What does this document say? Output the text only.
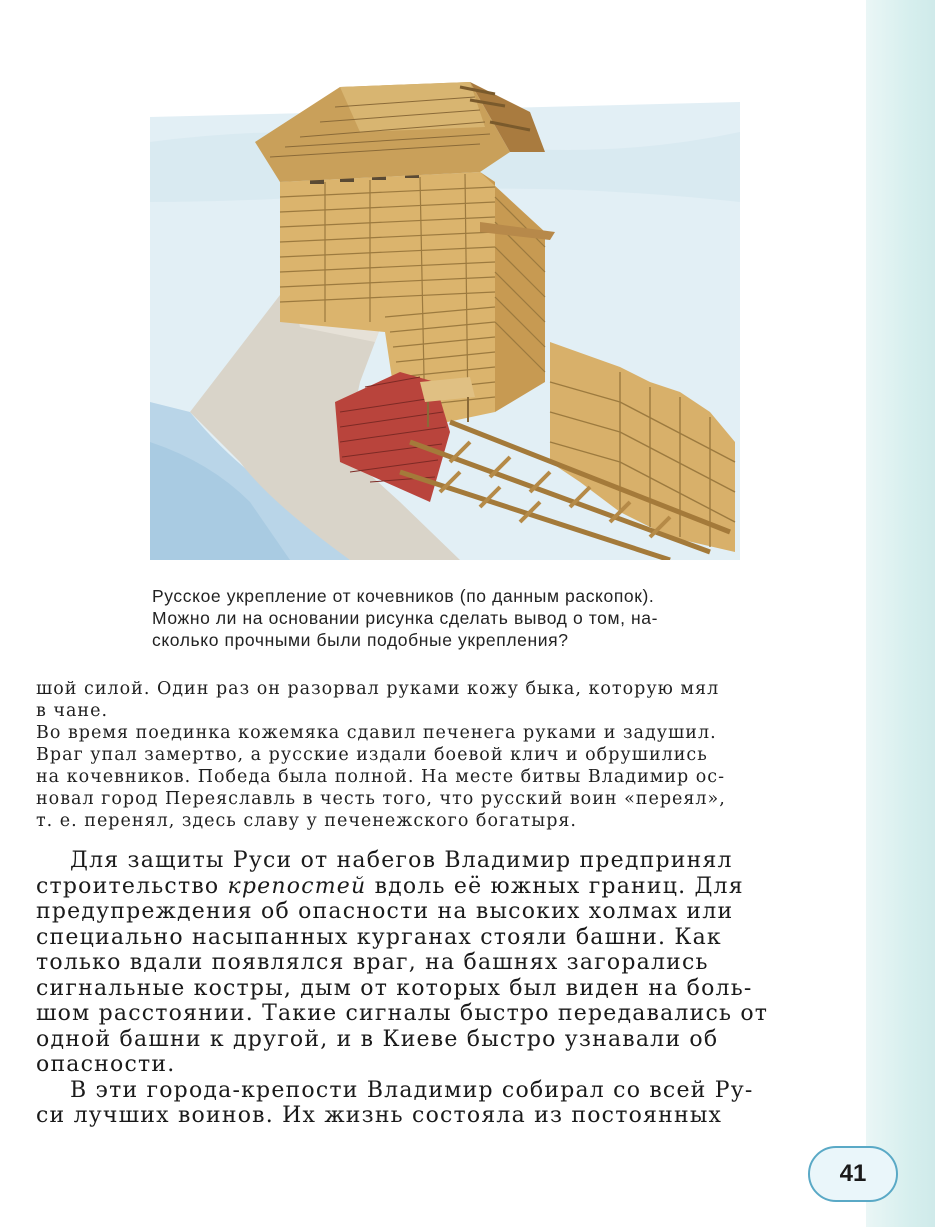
Русское укрепление от кочевников (по данным раскопок).
Можно ли на основании рисунка сделать вывод о том, на-
сколько прочными были подобные укрепления?
шой силой. Один раз он разорвал руками кожу быка, которую мял
в чане.
Во время поединка кожемяка сдавил печенега руками и задушил.
Враг упал замертво, а русские издали боевой клич и обрушились
на кочевников. Победа была полной. На месте битвы Владимир ос-
новал город Переяславль в честь того, что русский воин «переял»,
т. е. перенял, здесь славу у печенежского богатыря.
Для защиты Руси от набегов Владимир предпринял
строительство крепостей вдоль её южных границ. Для
предупреждения об опасности на высоких холмах или
специально насыпанных курганах стояли башни. Как
только вдали появлялся враг, на башнях загорались
сигнальные костры, дым от которых был виден на боль-
шом расстоянии. Такие сигналы быстро передавались от
одной башни к другой, и в Киеве быстро узнавали об
опасности.
В эти города-крепости Владимир собирал со всей Ру-
си лучших воинов. Их жизнь состояла из постоянных
41
